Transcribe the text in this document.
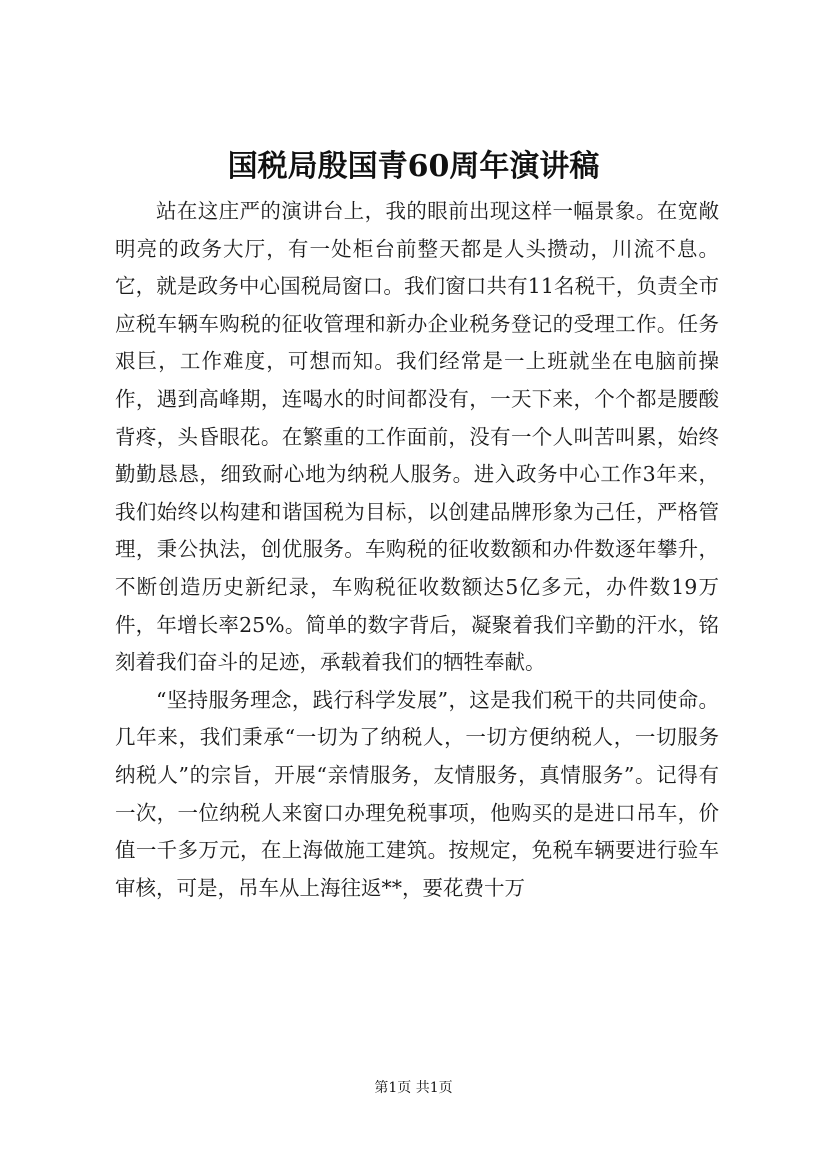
国税局殷国青60周年演讲稿

站在这庄严的演讲台上，我的眼前出现这样一幅景象。在宽敞明亮的政务大厅，有一处柜台前整天都是人头攒动，川流不息。它，就是政务中心国税局窗口。我们窗口共有11名税干，负责全市应税车辆车购税的征收管理和新办企业税务登记的受理工作。任务艰巨，工作难度，可想而知。我们经常是一上班就坐在电脑前操作，遇到高峰期，连喝水的时间都没有，一天下来，个个都是腰酸背疼，头昏眼花。在繁重的工作面前，没有一个人叫苦叫累，始终勤勤恳恳，细致耐心地为纳税人服务。进入政务中心工作3年来，我们始终以构建和谐国税为目标，以创建品牌形象为己任，严格管理，秉公执法，创优服务。车购税的征收数额和办件数逐年攀升，不断创造历史新纪录，车购税征收数额达5亿多元，办件数19万件，年增长率25%。简单的数字背后，凝聚着我们辛勤的汗水，铭刻着我们奋斗的足迹，承载着我们的牺牲奉献。

“坚持服务理念，践行科学发展”，这是我们税干的共同使命。几年来，我们秉承“一切为了纳税人，一切方便纳税人，一切服务纳税人”的宗旨，开展“亲情服务，友情服务，真情服务”。记得有一次，一位纳税人来窗口办理免税事项，他购买的是进口吊车，价值一千多万元，在上海做施工建筑。按规定，免税车辆要进行验车审核，可是，吊车从上海往返**，要花费十万

第1页 共1页
